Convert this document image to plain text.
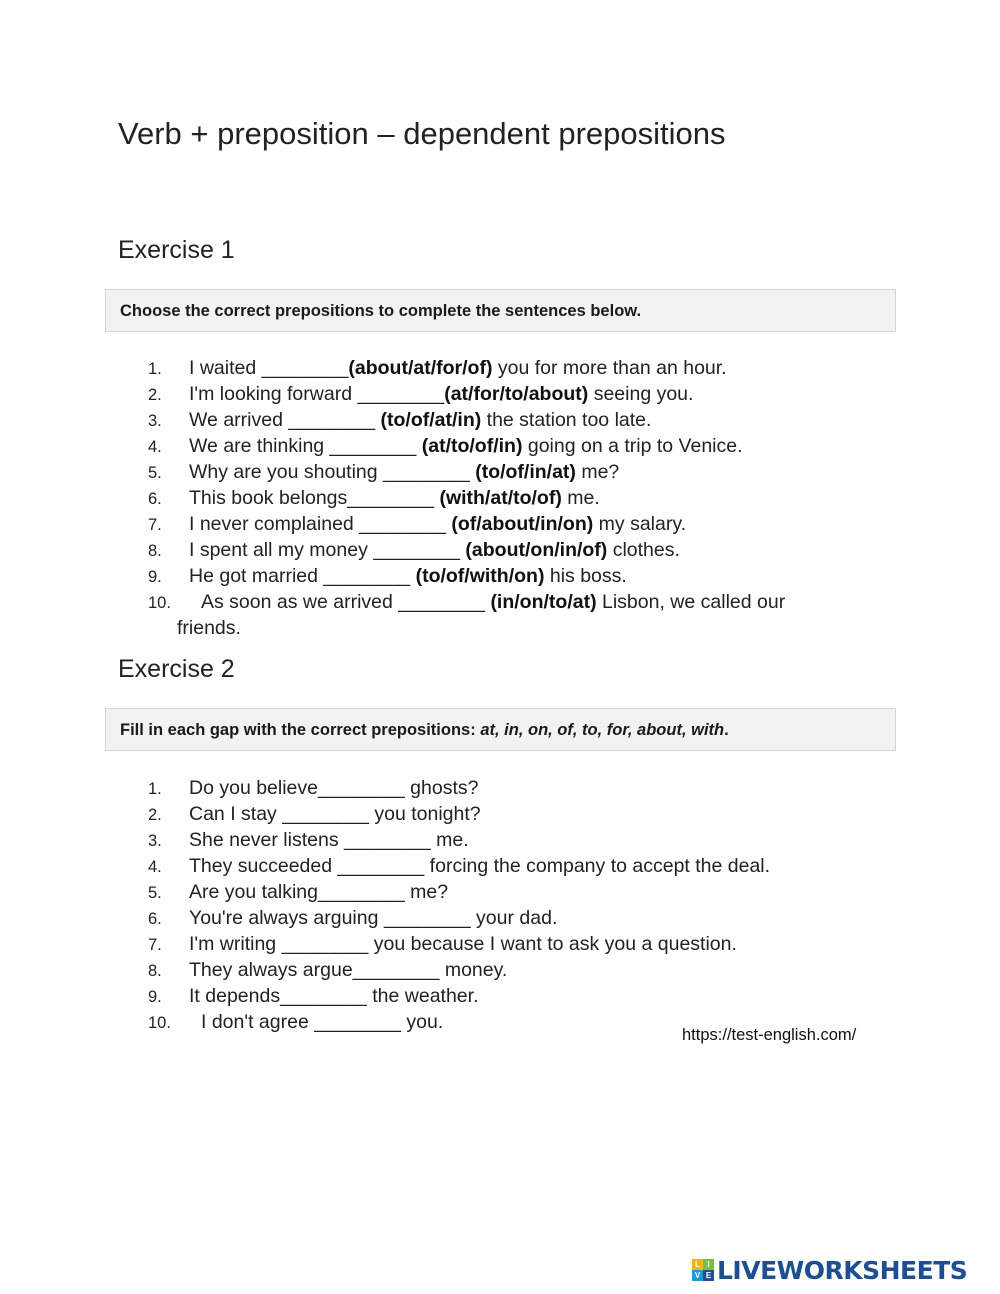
Verb + preposition – dependent prepositions
Exercise 1
Choose the correct prepositions to complete the sentences below.
1. I waited ________(about/at/for/of) you for more than an hour.
2. I'm looking forward ________(at/for/to/about) seeing you.
3. We arrived ________ (to/of/at/in) the station too late.
4. We are thinking ________ (at/to/of/in) going on a trip to Venice.
5. Why are you shouting ________ (to/of/in/at) me?
6. This book belongs________ (with/at/to/of) me.
7. I never complained ________ (of/about/in/on) my salary.
8. I spent all my money ________ (about/on/in/of) clothes.
9. He got married ________ (to/of/with/on) his boss.
10. As soon as we arrived ________ (in/on/to/at) Lisbon, we called our
friends.
Exercise 2
Fill in each gap with the correct prepositions: at, in, on, of, to, for, about, with.
1. Do you believe________ ghosts?
2. Can I stay ________ you tonight?
3. She never listens ________ me.
4. They succeeded ________ forcing the company to accept the deal.
5. Are you talking________ me?
6. You're always arguing ________ your dad.
7. I'm writing ________ you because I want to ask you a question.
8. They always argue________ money.
9. It depends________ the weather.
10. I don't agree ________ you.
https://test-english.com/
L I
V E LIVEWORKSHEETS
